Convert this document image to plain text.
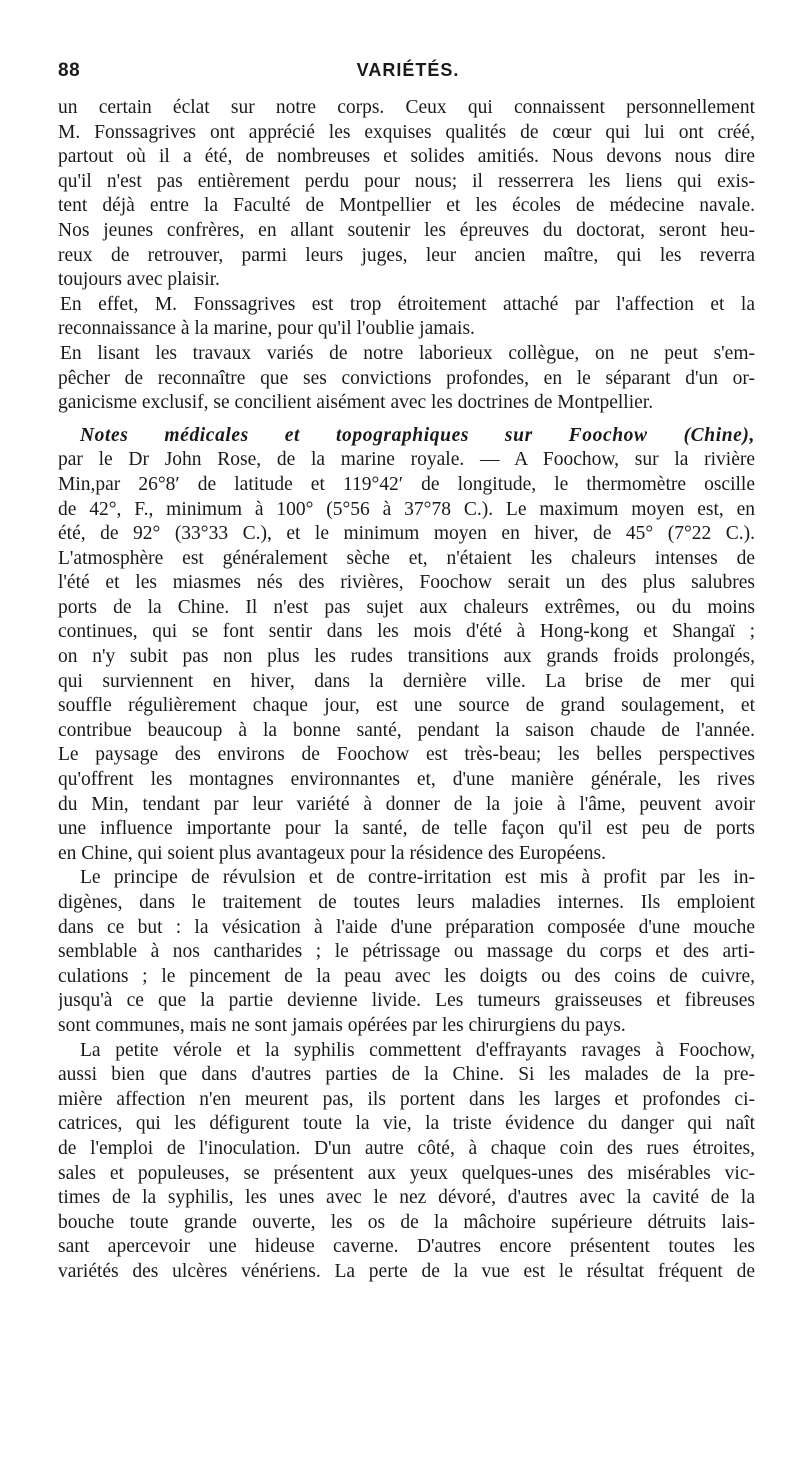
88	VARIÉTÉS.
un certain éclat sur notre corps. Ceux qui connaissent personnellement
M. Fonssagrives ont apprécié les exquises qualités de cœur qui lui ont créé,
partout où il a été, de nombreuses et solides amitiés. Nous devons nous dire
qu'il n'est pas entièrement perdu pour nous; il resserrera les liens qui exis-
tent déjà entre la Faculté de Montpellier et les écoles de médecine navale.
Nos jeunes confrères, en allant soutenir les épreuves du doctorat, seront heu-
reux de retrouver, parmi leurs juges, leur ancien maître, qui les reverra
toujours avec plaisir.
En effet, M. Fonssagrives est trop étroitement attaché par l'affection et la
reconnaissance à la marine, pour qu'il l'oublie jamais.
En lisant les travaux variés de notre laborieux collègue, on ne peut s'em-
pêcher de reconnaître que ses convictions profondes, en le séparant d'un or-
ganicisme exclusif, se concilient aisément avec les doctrines de Montpellier.
Notes médicales et topographiques sur Foochow (Chine),
par le Dr John Rose, de la marine royale. — A Foochow, sur la rivière
Min,par 26°8′ de latitude et 119°42′ de longitude, le thermomètre oscille
de 42°, F., minimum à 100° (5°56 à 37°78 C.). Le maximum moyen est, en
été, de 92° (33°33 C.), et le minimum moyen en hiver, de 45° (7°22 C.).
L'atmosphère est généralement sèche et, n'étaient les chaleurs intenses de
l'été et les miasmes nés des rivières, Foochow serait un des plus salubres
ports de la Chine. Il n'est pas sujet aux chaleurs extrêmes, ou du moins
continues, qui se font sentir dans les mois d'été à Hong-kong et Shangaï ;
on n'y subit pas non plus les rudes transitions aux grands froids prolongés,
qui surviennent en hiver, dans la dernière ville. La brise de mer qui
souffle régulièrement chaque jour, est une source de grand soulagement, et
contribue beaucoup à la bonne santé, pendant la saison chaude de l'année.
Le paysage des environs de Foochow est très-beau; les belles perspectives
qu'offrent les montagnes environnantes et, d'une manière générale, les rives
du Min, tendant par leur variété à donner de la joie à l'âme, peuvent avoir
une influence importante pour la santé, de telle façon qu'il est peu de ports
en Chine, qui soient plus avantageux pour la résidence des Européens.
Le principe de révulsion et de contre-irritation est mis à profit par les in-
digènes, dans le traitement de toutes leurs maladies internes. Ils emploient
dans ce but : la vésication à l'aide d'une préparation composée d'une mouche
semblable à nos cantharides ; le pétrissage ou massage du corps et des arti-
culations ; le pincement de la peau avec les doigts ou des coins de cuivre,
jusqu'à ce que la partie devienne livide. Les tumeurs graisseuses et fibreuses
sont communes, mais ne sont jamais opérées par les chirurgiens du pays.
La petite vérole et la syphilis commettent d'effrayants ravages à Foochow,
aussi bien que dans d'autres parties de la Chine. Si les malades de la pre-
mière affection n'en meurent pas, ils portent dans les larges et profondes ci-
catrices, qui les défigurent toute la vie, la triste évidence du danger qui naît
de l'emploi de l'inoculation. D'un autre côté, à chaque coin des rues étroites,
sales et populeuses, se présentent aux yeux quelques-unes des misérables vic-
times de la syphilis, les unes avec le nez dévoré, d'autres avec la cavité de la
bouche toute grande ouverte, les os de la mâchoire supérieure détruits lais-
sant apercevoir une hideuse caverne. D'autres encore présentent toutes les
variétés des ulcères vénériens. La perte de la vue est le résultat fréquent de
